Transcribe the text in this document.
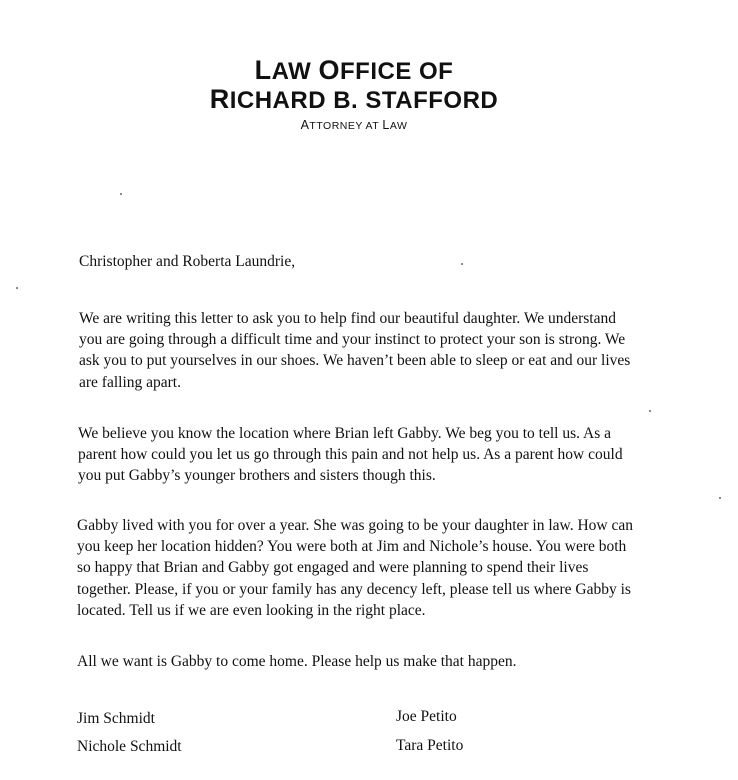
LAW OFFICE OF
RICHARD B. STAFFORD
ATTORNEY AT LAW
Christopher and Roberta Laundrie,

We are writing this letter to ask you to help find our beautiful daughter. We understand
you are going through a difficult time and your instinct to protect your son is strong. We
ask you to put yourselves in our shoes. We haven’t been able to sleep or eat and our lives
are falling apart.

We believe you know the location where Brian left Gabby. We beg you to tell us. As a
parent how could you let us go through this pain and not help us. As a parent how could
you put Gabby’s younger brothers and sisters though this.

Gabby lived with you for over a year. She was going to be your daughter in law. How can
you keep her location hidden? You were both at Jim and Nichole’s house. You were both
so happy that Brian and Gabby got engaged and were planning to spend their lives
together. Please, if you or your family has any decency left, please tell us where Gabby is
located. Tell us if we are even looking in the right place.

All we want is Gabby to come home. Please help us make that happen.

Jim Schmidt
Nichole Schmidt
Joe Petito
Tara Petito
